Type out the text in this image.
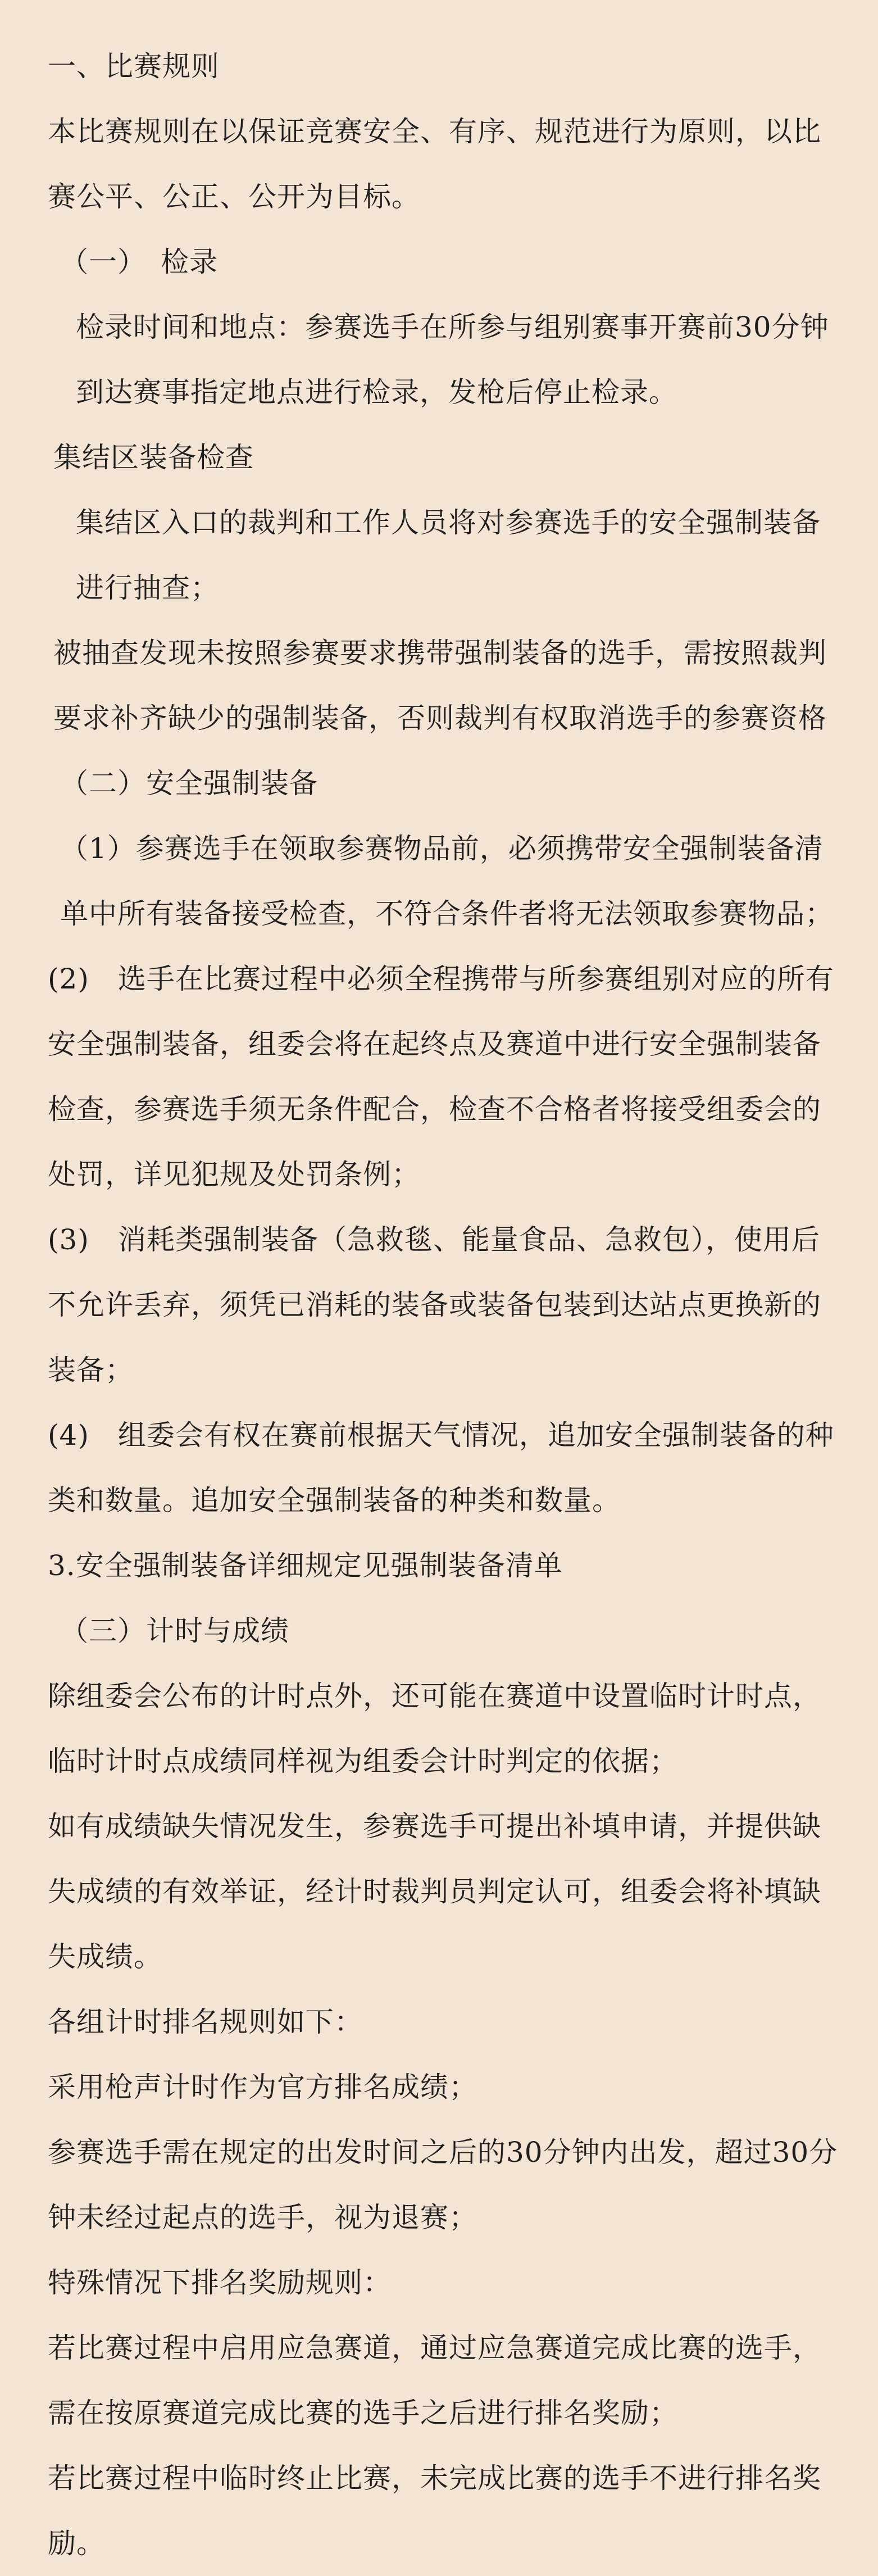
一、比赛规则

本比赛规则在以保证竞赛安全、有序、规范进行为原则，以比赛公平、公正、公开为目标。

（一）　检录

检录时间和地点：参赛选手在所参与组别赛事开赛前30分钟到达赛事指定地点进行检录，发枪后停止检录。

集结区装备检查

集结区入口的裁判和工作人员将对参赛选手的安全强制装备进行抽查；

被抽查发现未按照参赛要求携带强制装备的选手，需按照裁判要求补齐缺少的强制装备，否则裁判有权取消选手的参赛资格

（二）安全强制装备

（1）参赛选手在领取参赛物品前，必须携带安全强制装备清单中所有装备接受检查，不符合条件者将无法领取参赛物品；

(2)　选手在比赛过程中必须全程携带与所参赛组别对应的所有安全强制装备，组委会将在起终点及赛道中进行安全强制装备检查，参赛选手须无条件配合，检查不合格者将接受组委会的处罚，详见犯规及处罚条例；

(3)　消耗类强制装备（急救毯、能量食品、急救包），使用后不允许丢弃，须凭已消耗的装备或装备包装到达站点更换新的装备；

(4)　组委会有权在赛前根据天气情况，追加安全强制装备的种类和数量。追加安全强制装备的种类和数量。

3.安全强制装备详细规定见强制装备清单

（三）计时与成绩

除组委会公布的计时点外，还可能在赛道中设置临时计时点，临时计时点成绩同样视为组委会计时判定的依据；

如有成绩缺失情况发生，参赛选手可提出补填申请，并提供缺失成绩的有效举证，经计时裁判员判定认可，组委会将补填缺失成绩。

各组计时排名规则如下：

采用枪声计时作为官方排名成绩；

参赛选手需在规定的出发时间之后的30分钟内出发，超过30分钟未经过起点的选手，视为退赛；

特殊情况下排名奖励规则：

若比赛过程中启用应急赛道，通过应急赛道完成比赛的选手，需在按原赛道完成比赛的选手之后进行排名奖励；

若比赛过程中临时终止比赛，未完成比赛的选手不进行排名奖励。
